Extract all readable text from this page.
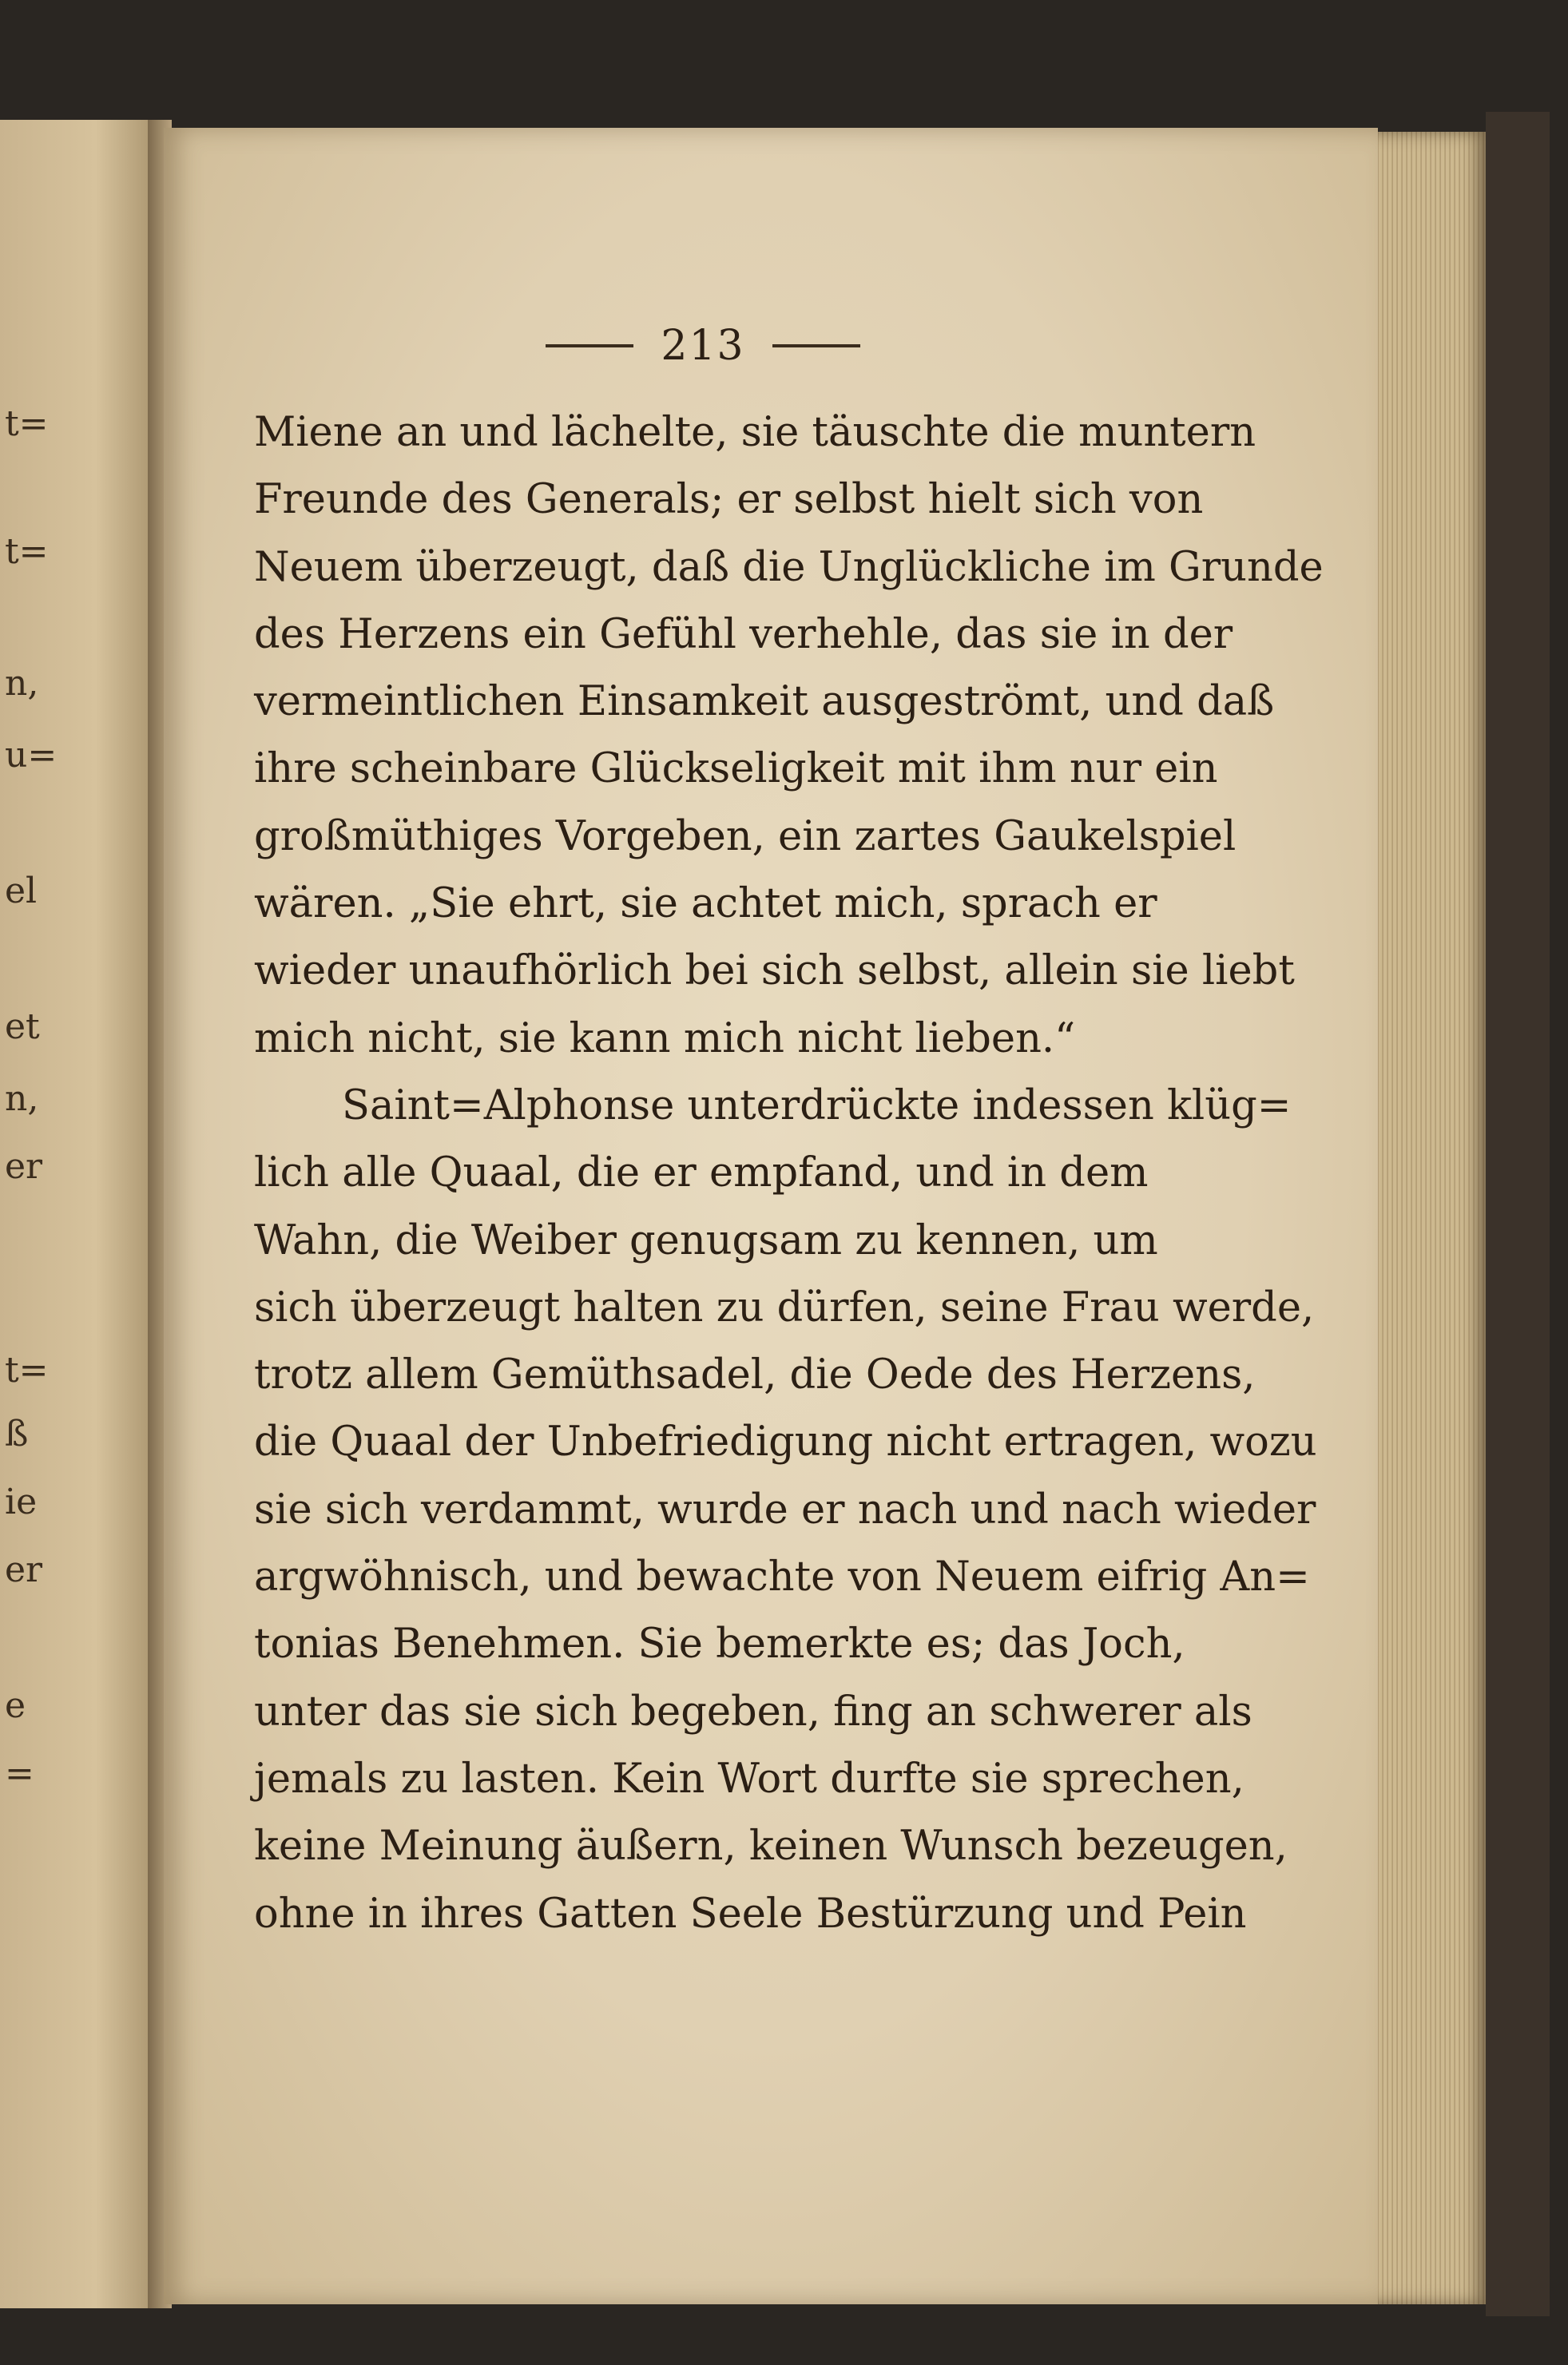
t=
t=
n,
u=
el
et
n,
er
t=
ß
ie
er
e
=
213
Miene an und lächelte, sie täuschte die muntern
Freunde des Generals; er selbst hielt sich von
Neuem überzeugt, daß die Unglückliche im Grunde
des Herzens ein Gefühl verhehle, das sie in der
vermeintlichen Einsamkeit ausgeströmt, und daß
ihre scheinbare Glückseligkeit mit ihm nur ein
großmüthiges Vorgeben, ein zartes Gaukelspiel
wären. „Sie ehrt, sie achtet mich, sprach er
wieder unaufhörlich bei sich selbst, allein sie liebt
mich nicht, sie kann mich nicht lieben.“
Saint=Alphonse unterdrückte indessen klüg=
lich alle Quaal, die er empfand, und in dem
Wahn, die Weiber genugsam zu kennen, um
sich überzeugt halten zu dürfen, seine Frau werde,
trotz allem Gemüthsadel, die Oede des Herzens,
die Quaal der Unbefriedigung nicht ertragen, wozu
sie sich verdammt, wurde er nach und nach wieder
argwöhnisch, und bewachte von Neuem eifrig An=
tonias Benehmen. Sie bemerkte es; das Joch,
unter das sie sich begeben, fing an schwerer als
jemals zu lasten. Kein Wort durfte sie sprechen,
keine Meinung äußern, keinen Wunsch bezeugen,
ohne in ihres Gatten Seele Bestürzung und Pein
